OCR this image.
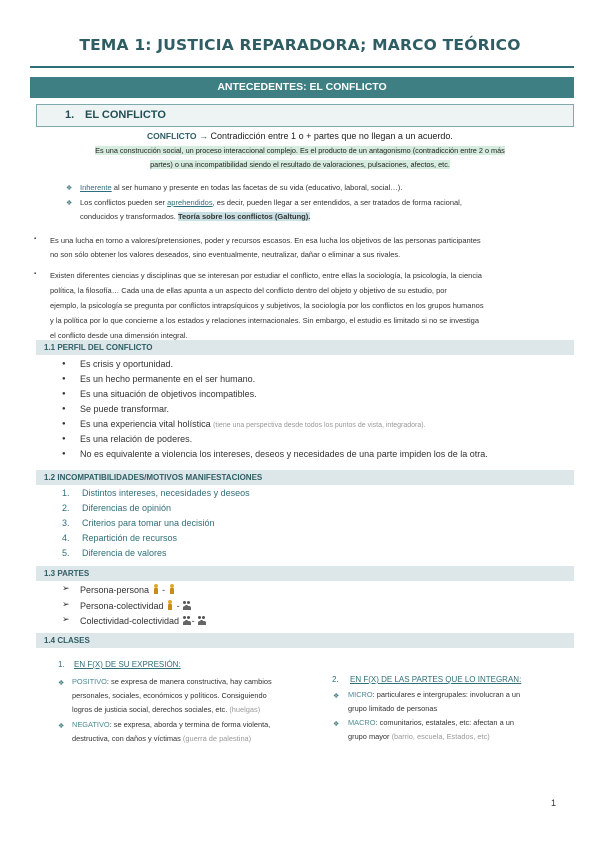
TEMA 1: JUSTICIA REPARADORA; MARCO TEÓRICO
ANTECEDENTES: EL CONFLICTO
1. EL CONFLICTO
CONFLICTO → Contradicción entre 1 o + partes que no llegan a un acuerdo.
Es una construcción social, un proceso interaccional complejo. Es el producto de un antagonismo (contradicción entre 2 o más
partes) o una incompatibilidad siendo el resultado de valoraciones, pulsaciones, afectos, etc.
❖ Inherente al ser humano y presente en todas las facetas de su vida (educativo, laboral, social…).
❖ Los conflictos pueden ser aprehendidos, es decir, pueden llegar a ser entendidos, a ser tratados de forma racional,
conducidos y transformados. Teoría sobre los conflictos (Galtung).
▪ Es una lucha en torno a valores/pretensiones, poder y recursos escasos. En esa lucha los objetivos de las personas participantes
no son sólo obtener los valores deseados, sino eventualmente, neutralizar, dañar o eliminar a sus rivales.
▪ Existen diferentes ciencias y disciplinas que se interesan por estudiar el conflicto, entre ellas la sociología, la psicología, la ciencia
política, la filosofía… Cada una de ellas apunta a un aspecto del conflicto dentro del objeto y objetivo de su estudio, por
ejemplo, la psicología se pregunta por conflictos intrapsíquicos y subjetivos, la sociología por los conflictos en los grupos humanos
y la política por lo que concierne a los estados y relaciones internacionales. Sin embargo, el estudio es limitado si no se investiga
el conflicto desde una dimensión integral.
1.1 PERFIL DEL CONFLICTO
● Es crisis y oportunidad.
● Es un hecho permanente en el ser humano.
● Es una situación de objetivos incompatibles.
● Se puede transformar.
● Es una experiencia vital holística (tiene una perspectiva desde todos los puntos de vista, integradora).
● Es una relación de poderes.
● No es equivalente a violencia los intereses, deseos y necesidades de una parte impiden los de la otra.
1.2 INCOMPATIBILIDADES/MOTIVOS MANIFESTACIONES
1. Distintos intereses, necesidades y deseos
2. Diferencias de opinión
3. Criterios para tomar una decisión
4. Repartición de recursos
5. Diferencia de valores
1.3 PARTES
➢ Persona-persona -
➢ Persona-colectividad -
➢ Colectividad-colectividad -
1.4 CLASES
1. EN F(X) DE SU EXPRESIÓN:
❖ POSITIVO: se expresa de manera constructiva, hay cambios
personales, sociales, económicos y políticos. Consiguiendo
logros de justicia social, derechos sociales, etc. (huelgas)
❖ NEGATIVO: se expresa, aborda y termina de forma violenta,
destructiva, con daños y víctimas (guerra de palestina)
2. EN F(X) DE LAS PARTES QUE LO INTEGRAN:
❖ MICRO: particulares e intergrupales: involucran a un
grupo limitado de personas
❖ MACRO: comunitarios, estatales, etc: afectan a un
grupo mayor (barrio, escuela, Estados, etc)
1
